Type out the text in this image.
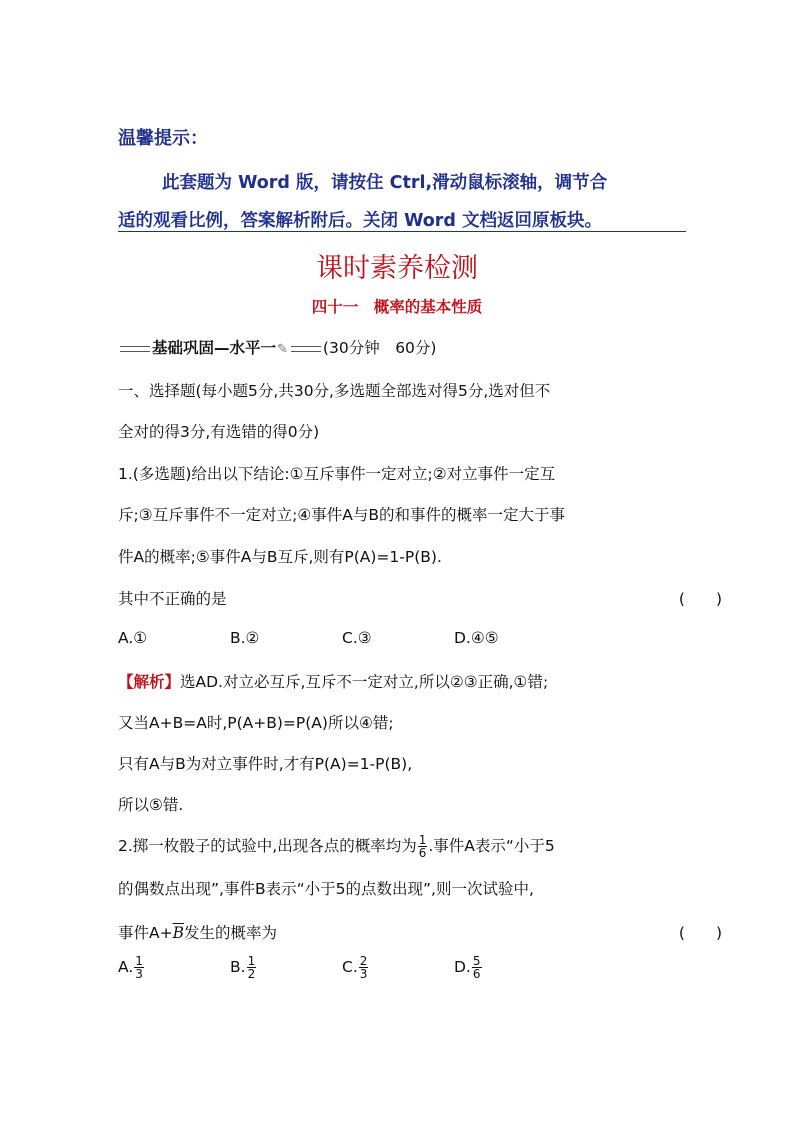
温馨提示：
此套题为 Word 版，请按住 Ctrl,滑动鼠标滚轴，调节合
适的观看比例，答案解析附后。关闭 Word 文档返回原板块。
课时素养检测
四十一　概率的基本性质
基础巩固—水平一✎ (30分钟　60分)
一、选择题(每小题5分,共30分,多选题全部选对得5分,选对但不
全对的得3分,有选错的得0分)
1.(多选题)给出以下结论:①互斥事件一定对立;②对立事件一定互
斥;③互斥事件不一定对立;④事件A与B的和事件的概率一定大于事
件A的概率;⑤事件A与B互斥,则有P(A)=1-P(B).
其中不正确的是	(　　)
A.①	B.②	C.③	D.④⑤
【解析】选AD.对立必互斥,互斥不一定对立,所以②③正确,①错;
又当A+B=A时,P(A+B)=P(A)所以④错;
只有A与B为对立事件时,才有P(A)=1-P(B),
所以⑤错.
2.掷一枚骰子的试验中,出现各点的概率均为 $\frac{1}{6}$ .事件A表示“小于5
的偶数点出现”,事件B表示“小于5的点数出现”,则一次试验中,
事件$A+\overline{B}$发生的概率为	(　　)
A. $\frac{1}{3}$	B. $\frac{1}{2}$	C. $\frac{2}{3}$	D. $\frac{5}{6}$
